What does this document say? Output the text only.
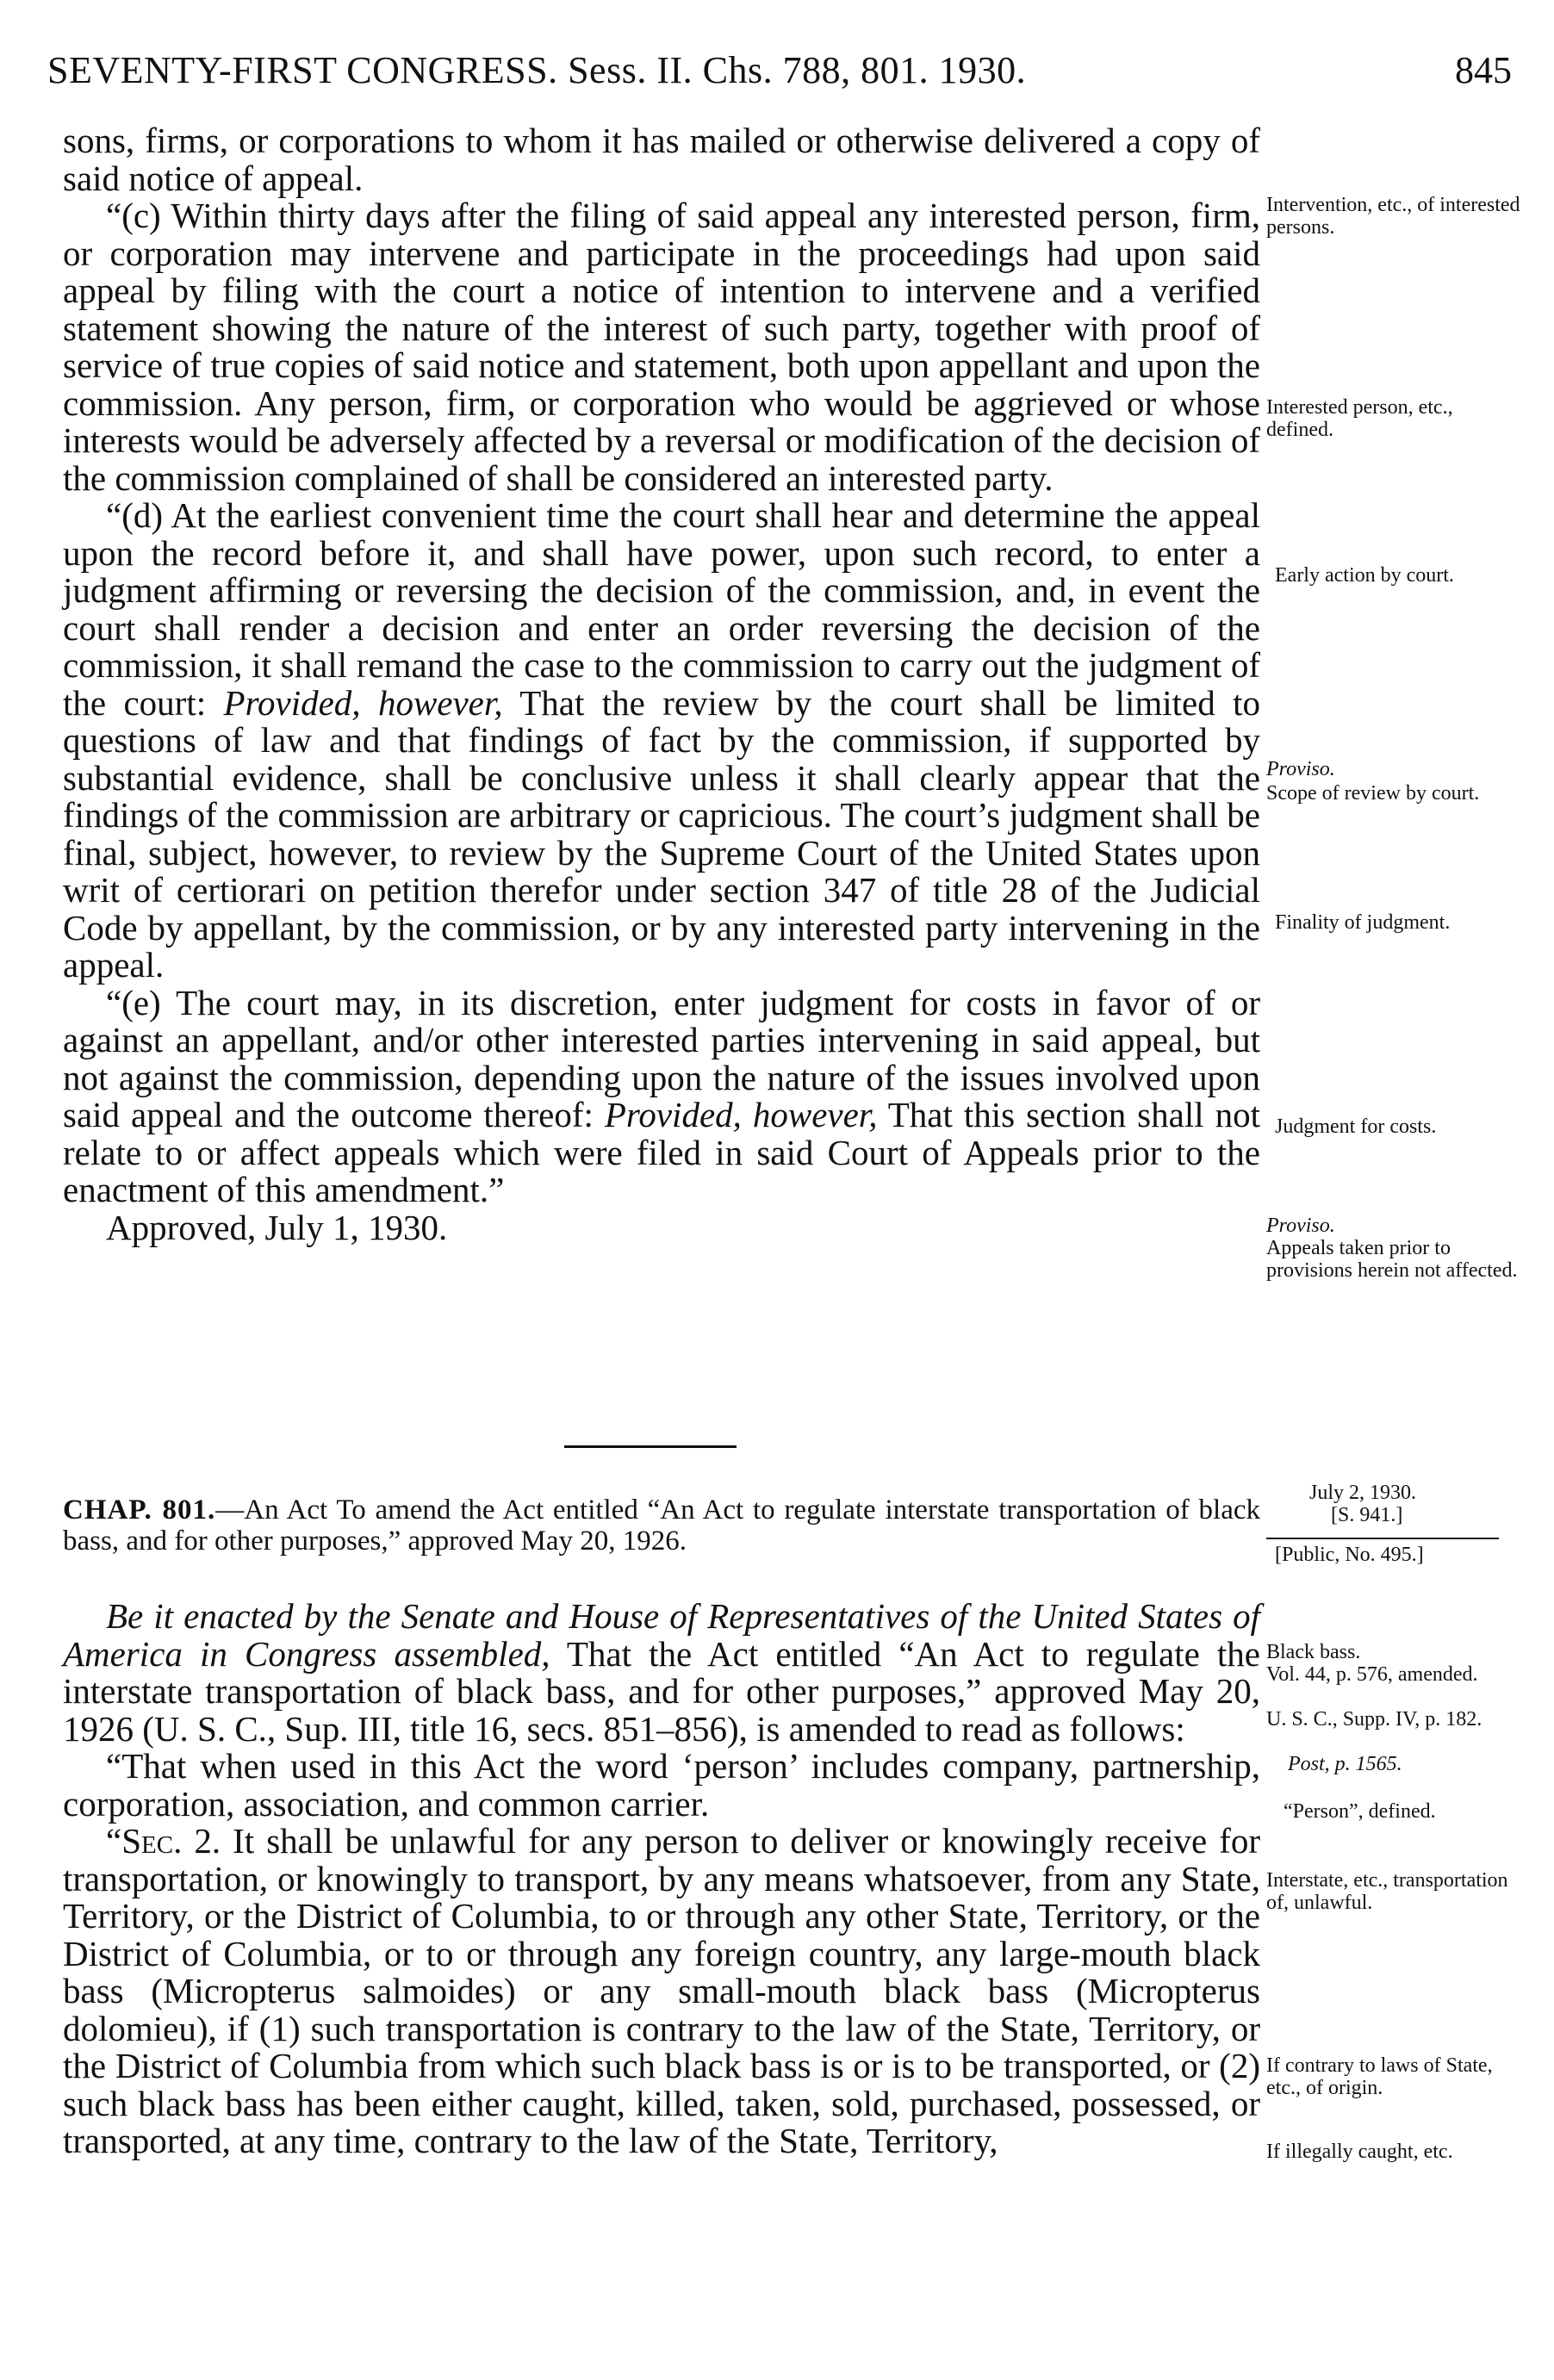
SEVENTY-FIRST CONGRESS. Sess. II. Chs. 788, 801. 1930.	845

sons, firms, or corporations to whom it has mailed or otherwise delivered a copy of said notice of appeal.

“(c) Within thirty days after the filing of said appeal any interested person, firm, or corporation may intervene and participate in the proceedings had upon said appeal by filing with the court a notice of intention to intervene and a verified statement showing the nature of the interest of such party, together with proof of service of true copies of said notice and statement, both upon appellant and upon the commission. Any person, firm, or corporation who would be aggrieved or whose interests would be adversely affected by a reversal or modification of the decision of the commission complained of shall be considered an interested party.

“(d) At the earliest convenient time the court shall hear and determine the appeal upon the record before it, and shall have power, upon such record, to enter a judgment affirming or reversing the decision of the commission, and, in event the court shall render a decision and enter an order reversing the decision of the commission, it shall remand the case to the commission to carry out the judgment of the court: Provided, however, That the review by the court shall be limited to questions of law and that findings of fact by the commission, if supported by substantial evidence, shall be conclusive unless it shall clearly appear that the findings of the commission are arbitrary or capricious. The court’s judgment shall be final, subject, however, to review by the Supreme Court of the United States upon writ of certiorari on petition therefor under section 347 of title 28 of the Judicial Code by appellant, by the commission, or by any interested party intervening in the appeal.

“(e) The court may, in its discretion, enter judgment for costs in favor of or against an appellant, and/or other interested parties intervening in said appeal, but not against the commission, depending upon the nature of the issues involved upon said appeal and the outcome thereof: Provided, however, That this section shall not relate to or affect appeals which were filed in said Court of Appeals prior to the enactment of this amendment.”

Approved, July 1, 1930.

CHAP. 801.—An Act To amend the Act entitled “An Act to regulate interstate transportation of black bass, and for other purposes,” approved May 20, 1926.

Be it enacted by the Senate and House of Representatives of the United States of America in Congress assembled, That the Act entitled “An Act to regulate the interstate transportation of black bass, and for other purposes,” approved May 20, 1926 (U. S. C., Sup. III, title 16, secs. 851–856), is amended to read as follows:

“That when used in this Act the word ‘person’ includes company, partnership, corporation, association, and common carrier.

“Sec. 2. It shall be unlawful for any person to deliver or knowingly receive for transportation, or knowingly to transport, by any means whatsoever, from any State, Territory, or the District of Columbia, to or through any other State, Territory, or the District of Columbia, or to or through any foreign country, any large-mouth black bass (Micropterus salmoides) or any small-mouth black bass (Micropterus dolomieu), if (1) such transportation is contrary to the law of the State, Territory, or the District of Columbia from which such black bass is or is to be transported, or (2) such black bass has been either caught, killed, taken, sold, purchased, possessed, or transported, at any time, contrary to the law of the State, Territory,

Intervention, etc., of interested persons.
Interested person, etc., defined.
Early action by court.
Proviso.
Scope of review by court.
Finality of judgment.
Judgment for costs.
Proviso.
Appeals taken prior to provisions herein not affected.
July 2, 1930.
[S. 941.]
[Public, No. 495.]
Black bass.
Vol. 44, p. 576, amended.
U. S. C., Supp. IV, p. 182.
Post, p. 1565.
“Person”, defined.
Interstate, etc., transportation of, unlawful.
If contrary to laws of State, etc., of origin.
If illegally caught, etc.
